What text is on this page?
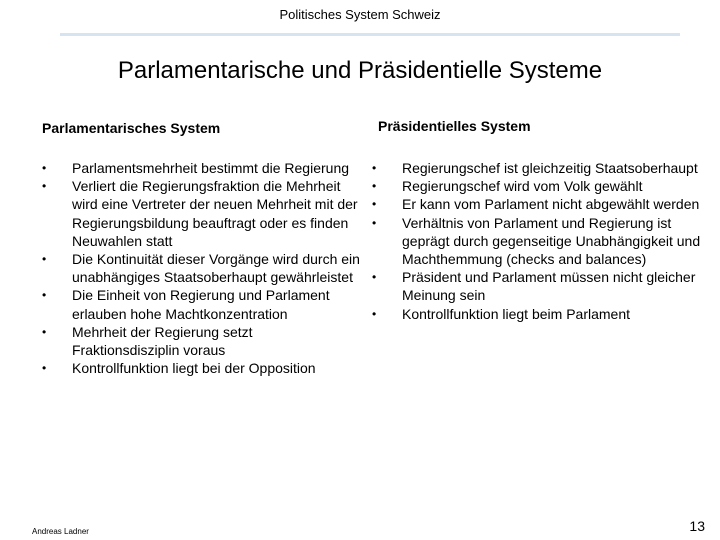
Politisches System Schweiz
Parlamentarische und Präsidentielle Systeme
Parlamentarisches System	Präsidentielles System
•	Parlamentsmehrheit bestimmt die Regierung
•	Verliert die Regierungsfraktion die Mehrheit wird eine Vertreter der neuen Mehrheit mit der Regierungsbildung beauftragt oder es finden Neuwahlen statt
•	Die Kontinuität dieser Vorgänge wird durch ein unabhängiges Staatsoberhaupt gewährleistet
•	Die Einheit von Regierung und Parlament erlauben hohe Machtkonzentration
•	Mehrheit der Regierung setzt Fraktionsdisziplin voraus
•	Kontrollfunktion liegt bei der Opposition
•	Regierungschef ist gleichzeitig Staatsoberhaupt
•	Regierungschef wird vom Volk gewählt
•	Er kann vom Parlament nicht abgewählt werden
•	Verhältnis von Parlament und Regierung ist geprägt durch gegenseitige Unabhängigkeit und Machthemmung (checks and balances)
•	Präsident und Parlament müssen nicht gleicher Meinung sein
•	Kontrollfunktion liegt beim Parlament
Andreas Ladner	13
